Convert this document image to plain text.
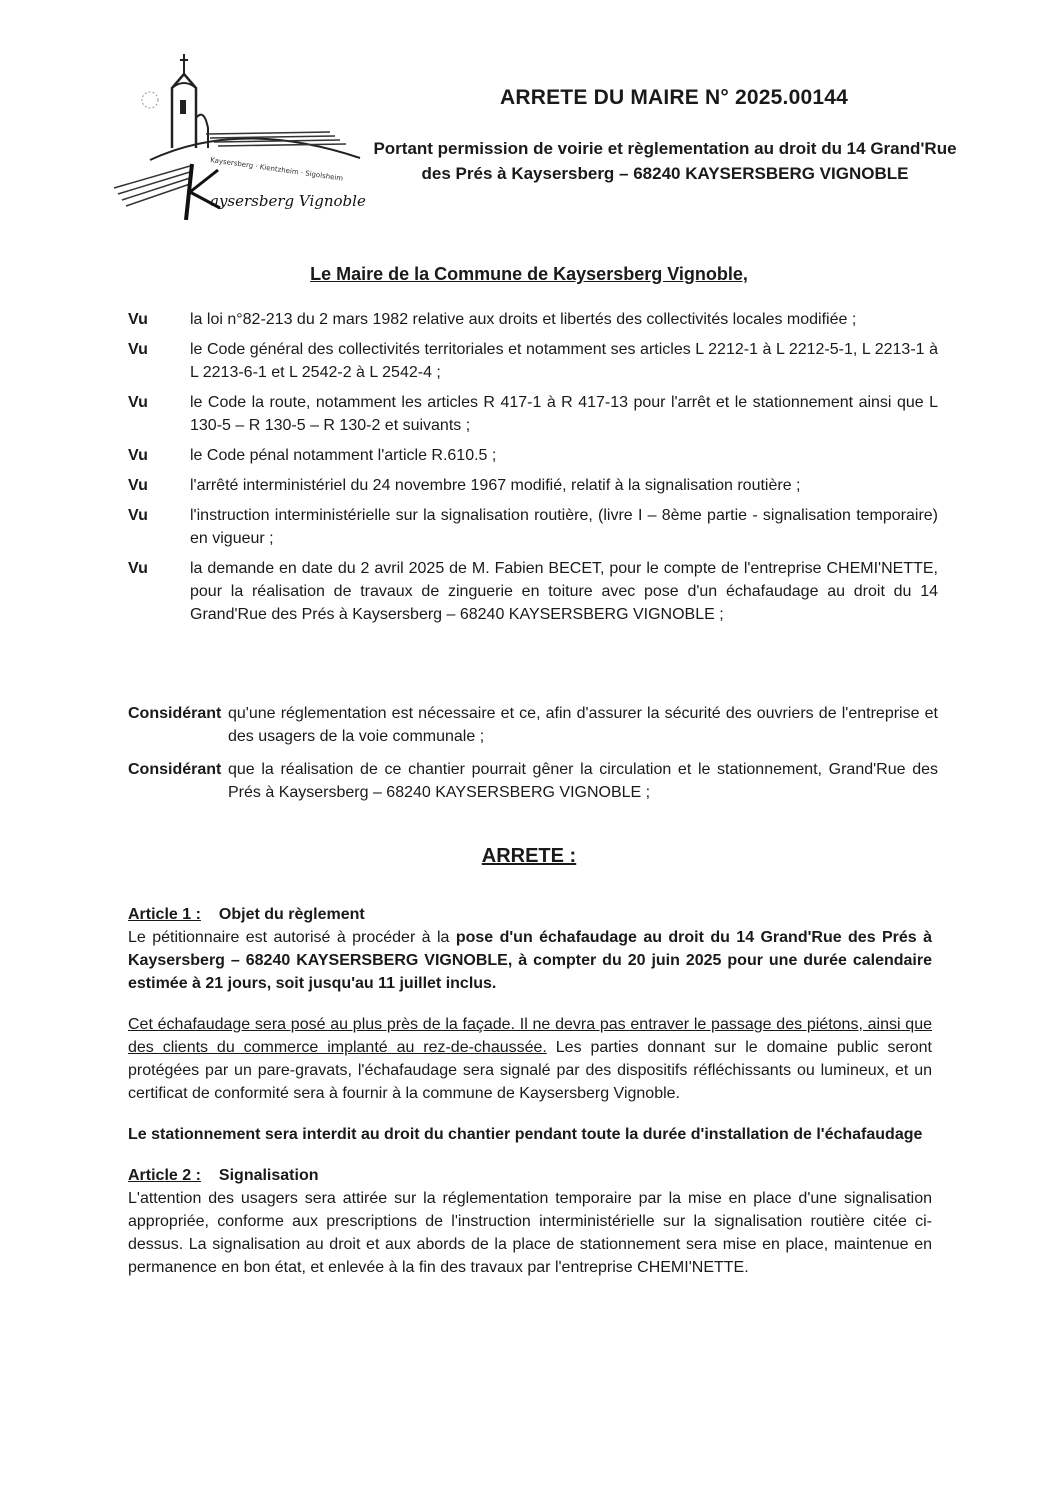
Kaysersberg · Kientzheim · Sigolsheim
aysersberg Vignoble
ARRETE DU MAIRE N° 2025.00144
Portant permission de voirie et règlementation au droit du 14 Grand'Rue des Prés à Kaysersberg – 68240 KAYSERSBERG VIGNOBLE
Le Maire de la Commune de Kaysersberg Vignoble,
Vu	la loi n°82-213 du 2 mars 1982 relative aux droits et libertés des collectivités locales modifiée ;
Vu	le Code général des collectivités territoriales et notamment ses articles L 2212-1 à L 2212-5-1, L 2213-1 à L 2213-6-1 et L 2542-2 à L 2542-4 ;
Vu	le Code la route, notamment les articles R 417-1 à R 417-13 pour l'arrêt et le stationnement ainsi que L 130-5 – R 130-5 – R 130-2 et suivants ;
Vu	le Code pénal notamment l'article R.610.5 ;
Vu	l'arrêté interministériel du 24 novembre 1967 modifié, relatif à la signalisation routière ;
Vu	l'instruction interministérielle sur la signalisation routière, (livre I – 8ème partie - signalisation temporaire) en vigueur ;
Vu	la demande en date du 2 avril 2025 de M. Fabien BECET, pour le compte de l'entreprise CHEMI'NETTE, pour la réalisation de travaux de zinguerie en toiture avec pose d'un échafaudage au droit du 14 Grand'Rue des Prés à Kaysersberg – 68240 KAYSERSBERG VIGNOBLE ;
Considérant qu'une réglementation est nécessaire et ce, afin d'assurer la sécurité des ouvriers de l'entreprise et des usagers de la voie communale ;
Considérant que la réalisation de ce chantier pourrait gêner la circulation et le stationnement, Grand'Rue des Prés à Kaysersberg – 68240 KAYSERSBERG VIGNOBLE ;
ARRETE :

Article 1 : Objet du règlement

Le pétitionnaire est autorisé à procéder à la pose d'un échafaudage au droit du 14 Grand'Rue des Prés à Kaysersberg – 68240 KAYSERSBERG VIGNOBLE, à compter du 20 juin 2025 pour une durée calendaire estimée à 21 jours, soit jusqu'au 11 juillet inclus.

Cet échafaudage sera posé au plus près de la façade. Il ne devra pas entraver le passage des piétons, ainsi que des clients du commerce implanté au rez-de-chaussée. Les parties donnant sur le domaine public seront protégées par un pare-gravats, l'échafaudage sera signalé par des dispositifs réfléchissants ou lumineux, et un certificat de conformité sera à fournir à la commune de Kaysersberg Vignoble.

Le stationnement sera interdit au droit du chantier pendant toute la durée d'installation de l'échafaudage

Article 2 : Signalisation

L'attention des usagers sera attirée sur la réglementation temporaire par la mise en place d'une signalisation appropriée, conforme aux prescriptions de l'instruction interministérielle sur la signalisation routière citée ci-dessus. La signalisation au droit et aux abords de la place de stationnement sera mise en place, maintenue en permanence en bon état, et enlevée à la fin des travaux par l'entreprise CHEMI'NETTE.
